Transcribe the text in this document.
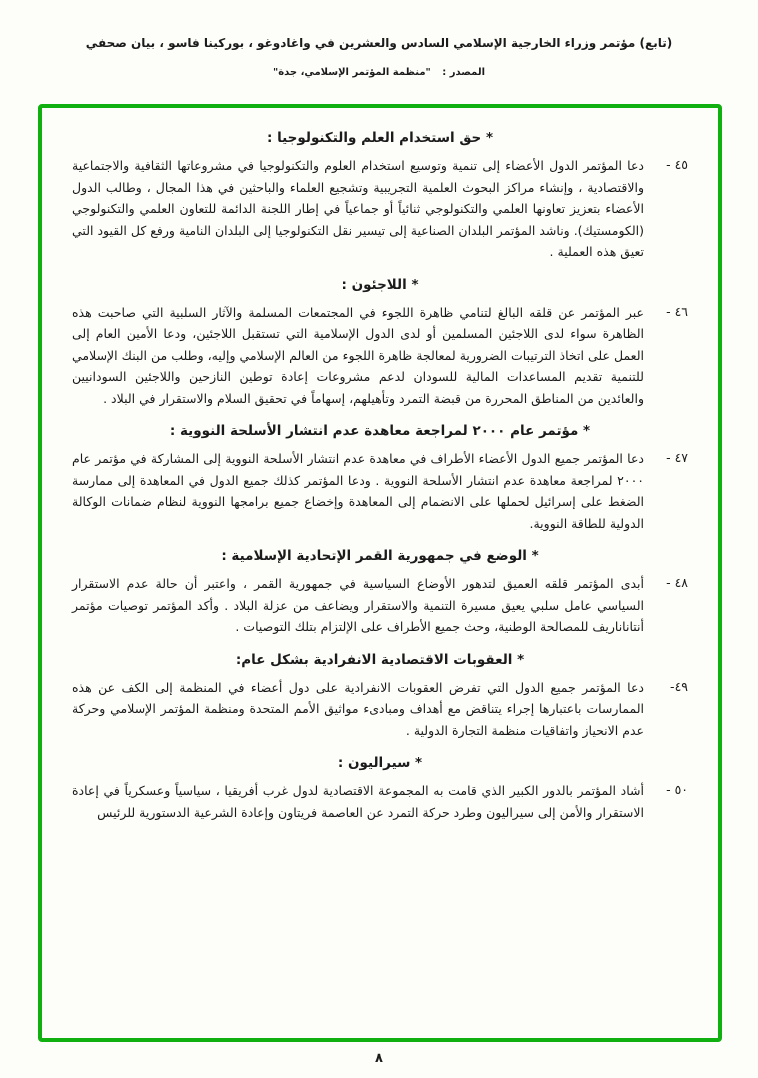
(تابع) مؤتمر وزراء الخارجية الإسلامي السادس والعشرين في واغادوغو ، بوركينا فاسو ، بيان صحفي
المصدر : "منظمة المؤتمر الإسلامي، جدة"
* حق استخدام العلم والتكنولوجيا :
٤٥ -
دعا المؤتمر الدول الأعضاء إلى تنمية وتوسيع استخدام العلوم والتكنولوجيا في مشروعاتها الثقافية والاجتماعية والاقتصادية ، وإنشاء مراكز البحوث العلمية التجريبية وتشجيع العلماء والباحثين في هذا المجال ، وطالب الدول الأعضاء بتعزيز تعاونها العلمي والتكنولوجي ثنائياً أو جماعياً في إطار اللجنة الدائمة للتعاون العلمي والتكنولوجي (الكومستيك). وناشد المؤتمر البلدان الصناعية إلى تيسير نقل التكنولوجيا إلى البلدان النامية ورفع كل القيود التي تعيق هذه العملية .
* اللاجئون :
٤٦ -
عبر المؤتمر عن قلقه البالغ لتنامي ظاهرة اللجوء في المجتمعات المسلمة والآثار السلبية التي صاحبت هذه الظاهرة سواء لدى اللاجئين المسلمين أو لدى الدول الإسلامية التي تستقبل اللاجئين، ودعا الأمين العام إلى العمل على اتخاذ الترتيبات الضرورية لمعالجة ظاهرة اللجوء من العالم الإسلامي وإليه، وطلب من البنك الإسلامي للتنمية تقديم المساعدات المالية للسودان لدعم مشروعات إعادة توطين النازحين واللاجئين السودانيين والعائدين من المناطق المحررة من قبضة التمرد وتأهيلهم، إسهاماً في تحقيق السلام والاستقرار في البلاد .
* مؤتمر عام ٢٠٠٠ لمراجعة معاهدة عدم انتشار الأسلحة النووية :
٤٧ -
دعا المؤتمر جميع الدول الأعضاء الأطراف في معاهدة عدم انتشار الأسلحة النووية إلى المشاركة في مؤتمر عام ٢٠٠٠ لمراجعة معاهدة عدم انتشار الأسلحة النووية . ودعا المؤتمر كذلك جميع الدول في المعاهدة إلى ممارسة الضغط على إسرائيل لحملها على الانضمام إلى المعاهدة وإخضاع جميع برامجها النووية لنظام ضمانات الوكالة الدولية للطاقة النووية.
* الوضع في جمهورية القمر الإتحادية الإسلامية :
٤٨ -
أبدى المؤتمر قلقه العميق لتدهور الأوضاع السياسية في جمهورية القمر ، واعتبر أن حالة عدم الاستقرار السياسي عامل سلبي يعيق مسيرة التنمية والاستقرار ويضاعف من عزلة البلاد . وأكد المؤتمر توصيات مؤتمر أنتاناناريف للمصالحة الوطنية، وحث جميع الأطراف على الإلتزام بتلك التوصيات .
* العقوبات الاقتصادية الانفرادية بشكل عام:
٤٩-
دعا المؤتمر جميع الدول التي تفرض العقوبات الانفرادية على دول أعضاء في المنظمة إلى الكف عن هذه الممارسات باعتبارها إجراء يتناقض مع أهداف ومبادىء مواثيق الأمم المتحدة ومنظمة المؤتمر الإسلامي وحركة عدم الانحياز واتفاقيات منظمة التجارة الدولية .
* سيراليون :
٥٠ -
أشاد المؤتمر بالدور الكبير الذي قامت به المجموعة الاقتصادية لدول غرب أفريقيا ، سياسياً وعسكرياً في إعادة الاستقرار والأمن إلى سيراليون وطرد حركة التمرد عن العاصمة فريتاون وإعادة الشرعية الدستورية للرئيس
٨
